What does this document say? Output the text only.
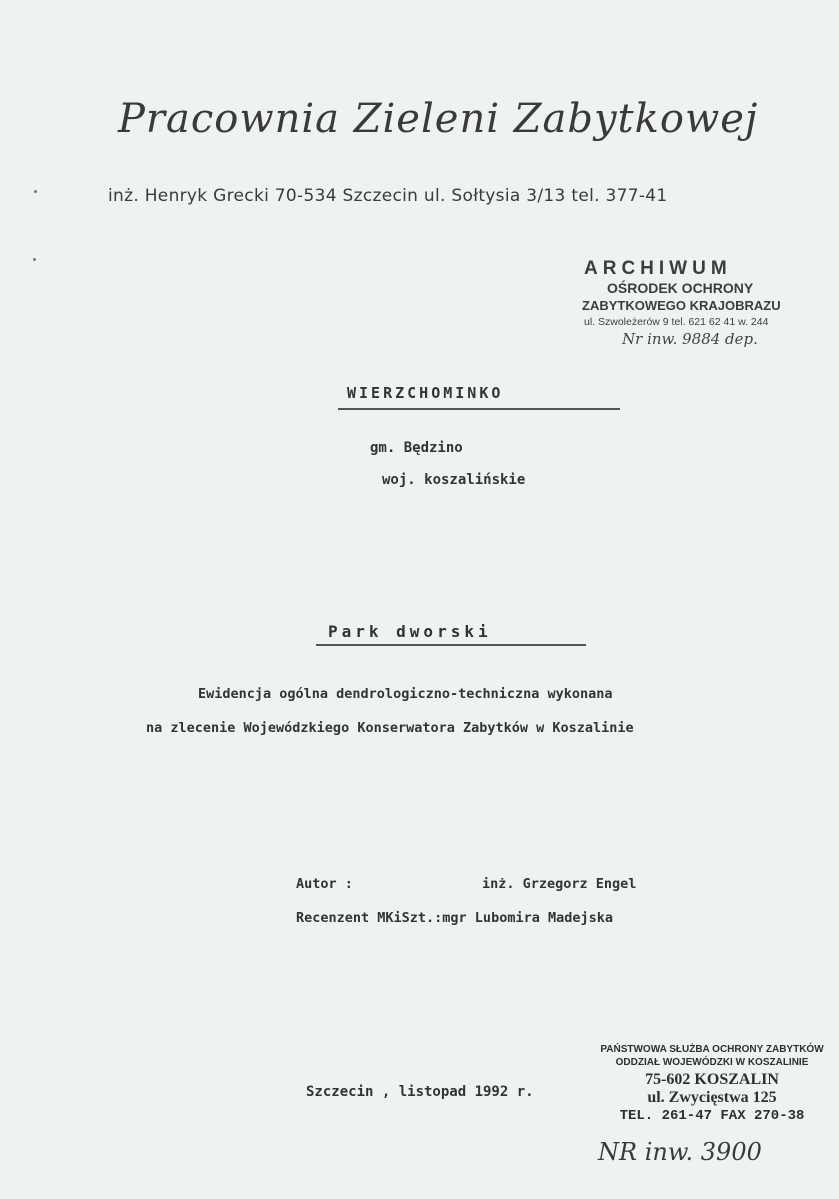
Pracownia Zieleni Zabytkowej
inż. Henryk Grecki 70-534 Szczecin ul. Sołtysia 3/13 tel. 377-41
ARCHIWUM
OŚRODEK OCHRONY
ZABYTKOWEGO KRAJOBRAZU
ul. Szwoleżerów 9 tel. 621 62 41 w. 244
Nr inw. 9884 dep.
WIERZCHOMINKO
gm. Będzino
woj. koszalińskie
Park dworski
Ewidencja ogólna dendrologiczno-techniczna wykonana
na zlecenie Wojewódzkiego Konserwatora Zabytków w Koszalinie
Autor :	inż. Grzegorz Engel
Recenzent MKiSzt.:mgr Lubomira Madejska
Szczecin , listopad 1992 r.
PAŃSTWOWA SŁUŻBA OCHRONY ZABYTKÓW
ODDZIAŁ WOJEWÓDZKI W KOSZALINIE
75-602 KOSZALIN
ul. Zwycięstwa 125
TEL. 261-47 FAX 270-38
NR inw. 3900
